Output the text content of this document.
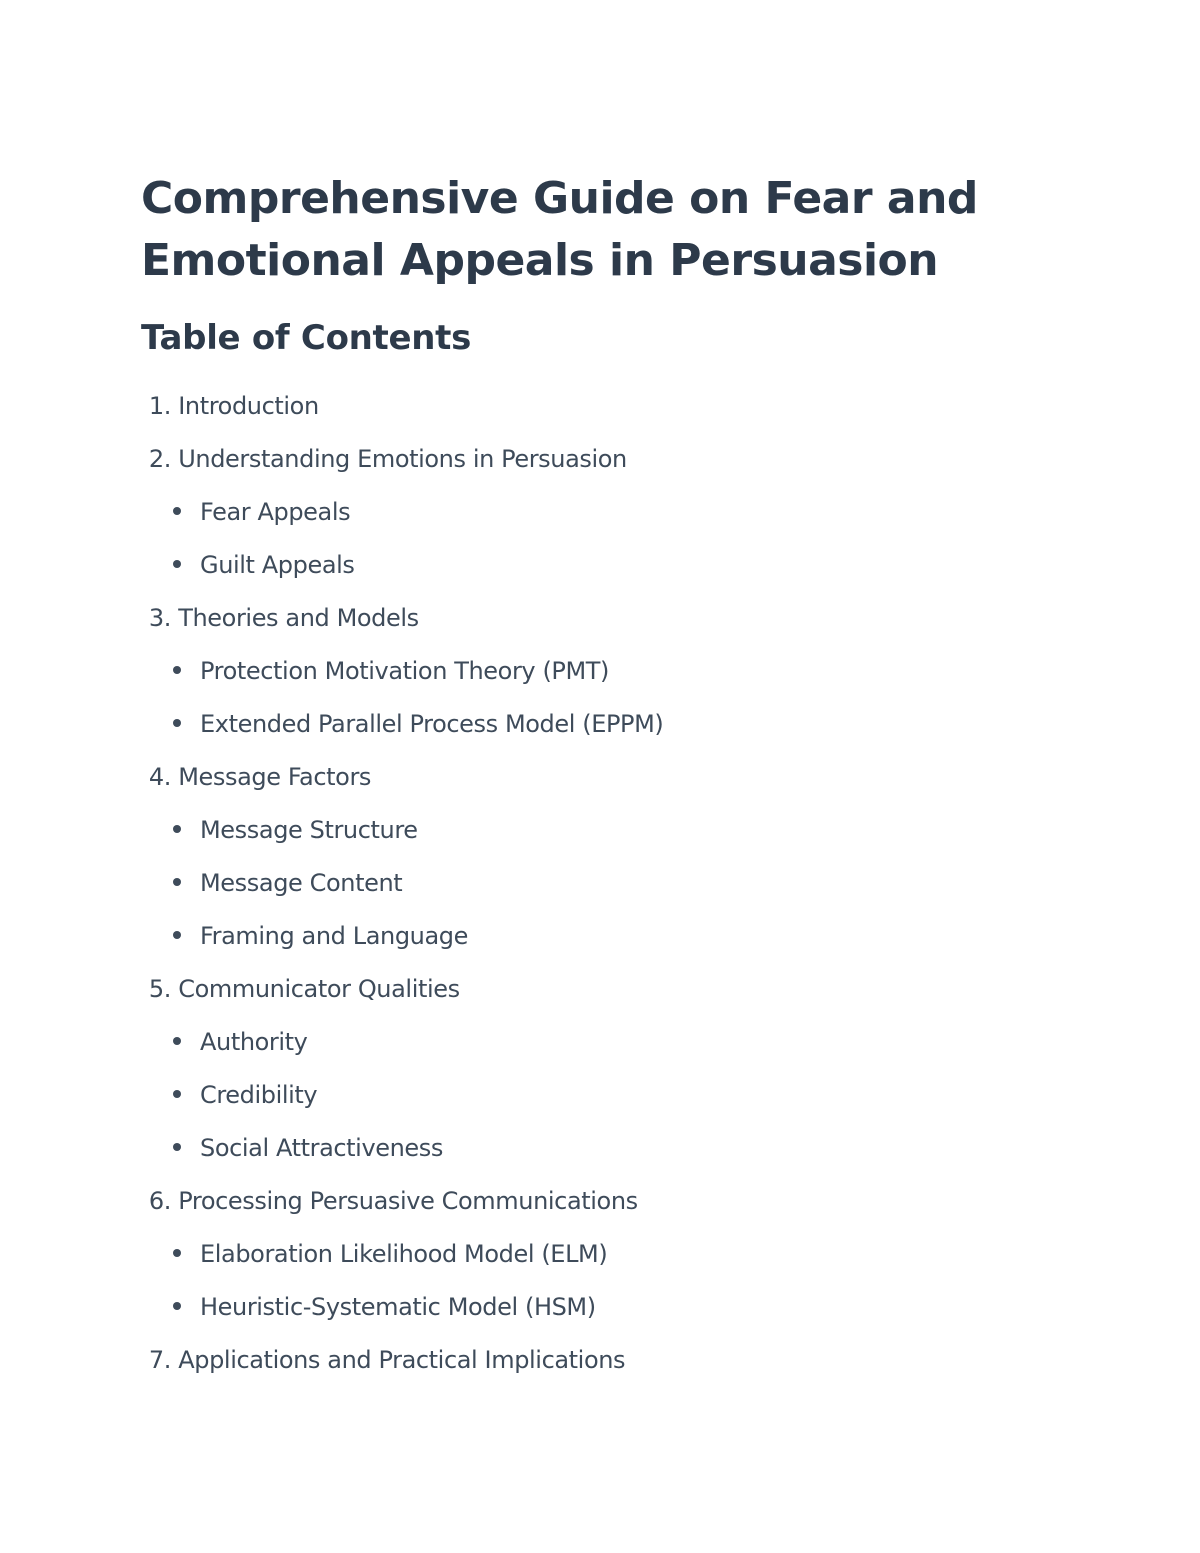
Comprehensive Guide on Fear and Emotional Appeals in Persuasion
Table of Contents
1. Introduction
2. Understanding Emotions in Persuasion
Fear Appeals
Guilt Appeals
3. Theories and Models
Protection Motivation Theory (PMT)
Extended Parallel Process Model (EPPM)
4. Message Factors
Message Structure
Message Content
Framing and Language
5. Communicator Qualities
Authority
Credibility
Social Attractiveness
6. Processing Persuasive Communications
Elaboration Likelihood Model (ELM)
Heuristic-Systematic Model (HSM)
7. Applications and Practical Implications
